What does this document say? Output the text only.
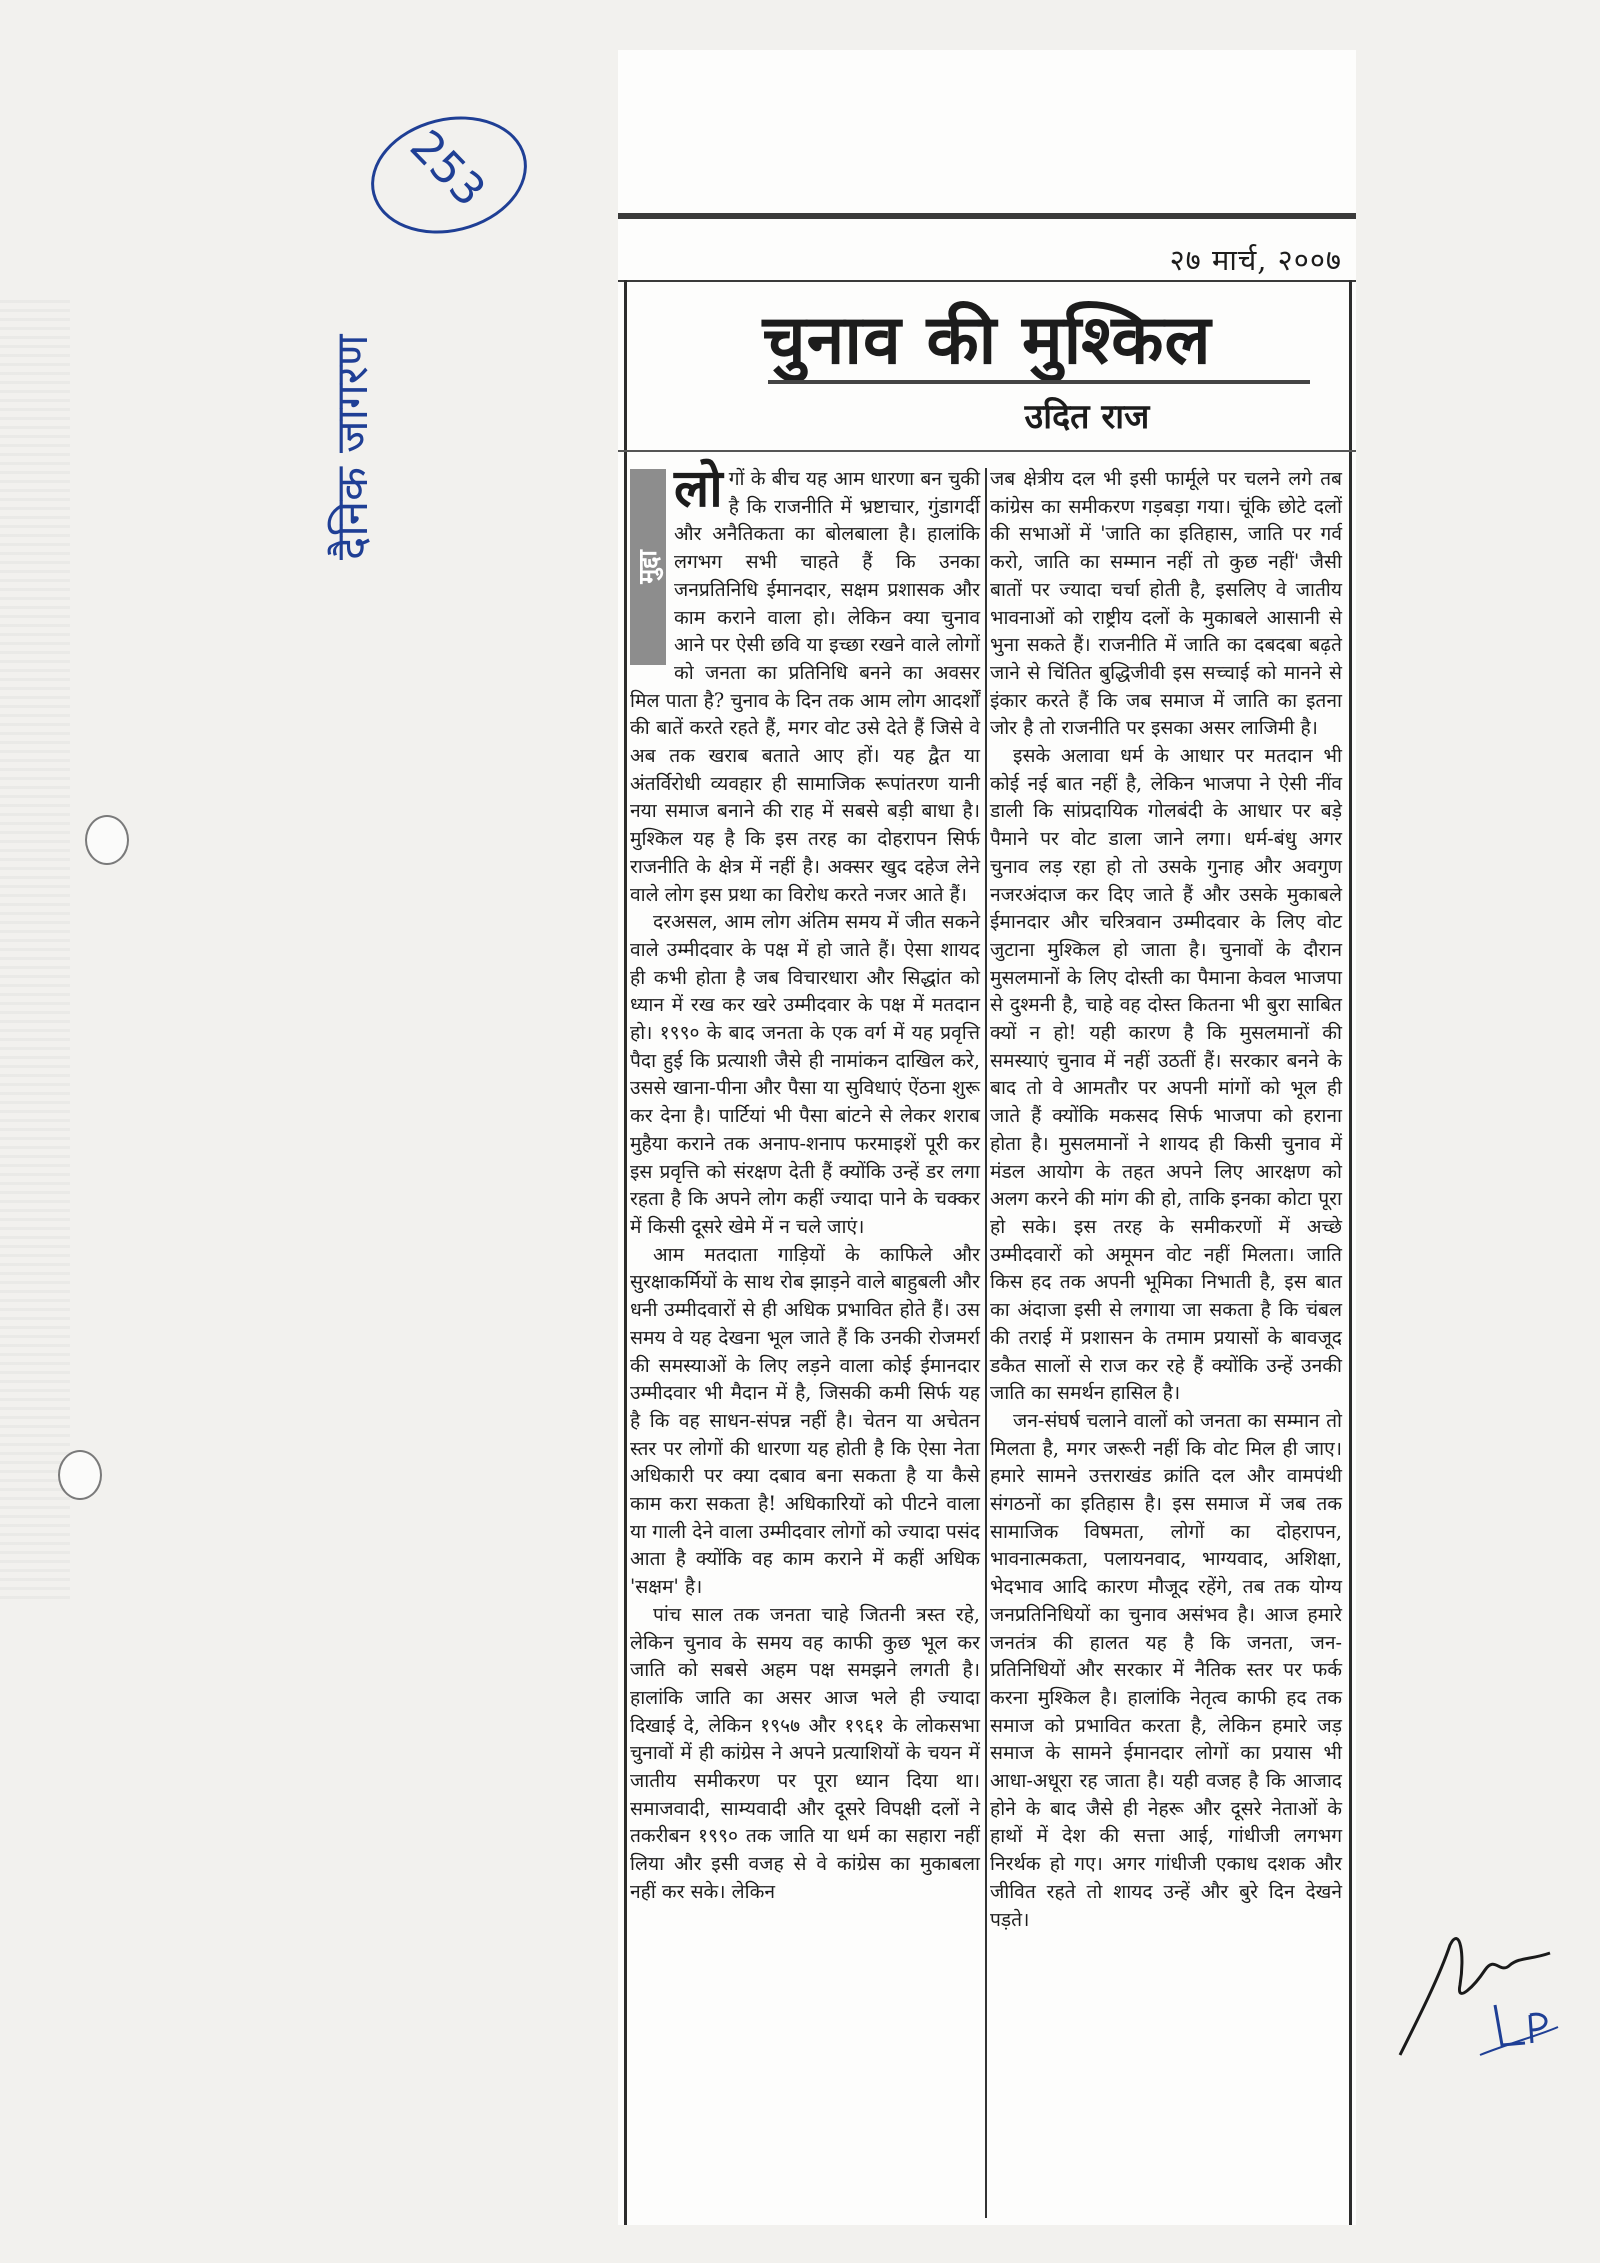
253
दैनिक जागरण
२७ मार्च, २००७
चुनाव की मुश्किल
उदित राज
मुद्दा
लो गों के बीच यह आम धारणा बन चुकी है कि राजनीति में भ्रष्टाचार, गुंडागर्दी और अनैतिकता का बोलबाला है। हालांकि लगभग सभी चाहते हैं कि उनका जनप्रतिनिधि ईमानदार, सक्षम प्रशासक और काम कराने वाला हो। लेकिन क्या चुनाव आने पर ऐसी छवि या इच्छा रखने वाले लोगों को जनता का प्रतिनिधि बनने का अवसर मिल पाता है? चुनाव के दिन तक आम लोग आदर्शों की बातें करते रहते हैं, मगर वोट उसे देते हैं जिसे वे अब तक खराब बताते आए हों। यह द्वैत या अंतर्विरोधी व्यवहार ही सामाजिक रूपांतरण यानी नया समाज बनाने की राह में सबसे बड़ी बाधा है। मुश्किल यह है कि इस तरह का दोहरापन सिर्फ राजनीति के क्षेत्र में नहीं है। अक्सर खुद दहेज लेने वाले लोग इस प्रथा का विरोध करते नजर आते हैं।

दरअसल, आम लोग अंतिम समय में जीत सकने वाले उम्मीदवार के पक्ष में हो जाते हैं। ऐसा शायद ही कभी होता है जब विचारधारा और सिद्धांत को ध्यान में रख कर खरे उम्मीदवार के पक्ष में मतदान हो। १९९० के बाद जनता के एक वर्ग में यह प्रवृत्ति पैदा हुई कि प्रत्याशी जैसे ही नामांकन दाखिल करे, उससे खाना-पीना और पैसा या सुविधाएं ऐंठना शुरू कर देना है। पार्टियां भी पैसा बांटने से लेकर शराब मुहैया कराने तक अनाप-शनाप फरमाइशें पूरी कर इस प्रवृत्ति को संरक्षण देती हैं क्योंकि उन्हें डर लगा रहता है कि अपने लोग कहीं ज्यादा पाने के चक्कर में किसी दूसरे खेमे में न चले जाएं।

आम मतदाता गाड़ियों के काफिले और सुरक्षाकर्मियों के साथ रोब झाड़ने वाले बाहुबली और धनी उम्मीदवारों से ही अधिक प्रभावित होते हैं। उस समय वे यह देखना भूल जाते हैं कि उनकी रोजमर्रा की समस्याओं के लिए लड़ने वाला कोई ईमानदार उम्मीदवार भी मैदान में है, जिसकी कमी सिर्फ यह है कि वह साधन-संपन्न नहीं है। चेतन या अचेतन स्तर पर लोगों की धारणा यह होती है कि ऐसा नेता अधिकारी पर क्या दबाव बना सकता है या कैसे काम करा सकता है! अधिकारियों को पीटने वाला या गाली देने वाला उम्मीदवार लोगों को ज्यादा पसंद आता है क्योंकि वह काम कराने में कहीं अधिक 'सक्षम' है।

पांच साल तक जनता चाहे जितनी त्रस्त रहे, लेकिन चुनाव के समय वह काफी कुछ भूल कर जाति को सबसे अहम पक्ष समझने लगती है। हालांकि जाति का असर आज भले ही ज्यादा दिखाई दे, लेकिन १९५७ और १९६१ के लोकसभा चुनावों में ही कांग्रेस ने अपने प्रत्याशियों के चयन में जातीय समीकरण पर पूरा ध्यान दिया था। समाजवादी, साम्यवादी और दूसरे विपक्षी दलों ने तकरीबन १९९० तक जाति या धर्म का सहारा नहीं लिया और इसी वजह से वे कांग्रेस का मुकाबला नहीं कर सके। लेकिन

जब क्षेत्रीय दल भी इसी फार्मूले पर चलने लगे तब कांग्रेस का समीकरण गड़बड़ा गया। चूंकि छोटे दलों की सभाओं में 'जाति का इतिहास, जाति पर गर्व करो, जाति का सम्मान नहीं तो कुछ नहीं' जैसी बातों पर ज्यादा चर्चा होती है, इसलिए वे जातीय भावनाओं को राष्ट्रीय दलों के मुकाबले आसानी से भुना सकते हैं। राजनीति में जाति का दबदबा बढ़ते जाने से चिंतित बुद्धिजीवी इस सच्चाई को मानने से इंकार करते हैं कि जब समाज में जाति का इतना जोर है तो राजनीति पर इसका असर लाजिमी है।

इसके अलावा धर्म के आधार पर मतदान भी कोई नई बात नहीं है, लेकिन भाजपा ने ऐसी नींव डाली कि सांप्रदायिक गोलबंदी के आधार पर बड़े पैमाने पर वोट डाला जाने लगा। धर्म-बंधु अगर चुनाव लड़ रहा हो तो उसके गुनाह और अवगुण नजरअंदाज कर दिए जाते हैं और उसके मुकाबले ईमानदार और चरित्रवान उम्मीदवार के लिए वोट जुटाना मुश्किल हो जाता है। चुनावों के दौरान मुसलमानों के लिए दोस्ती का पैमाना केवल भाजपा से दुश्मनी है, चाहे वह दोस्त कितना भी बुरा साबित क्यों न हो! यही कारण है कि मुसलमानों की समस्याएं चुनाव में नहीं उठतीं हैं। सरकार बनने के बाद तो वे आमतौर पर अपनी मांगों को भूल ही जाते हैं क्योंकि मकसद सिर्फ भाजपा को हराना होता है। मुसलमानों ने शायद ही किसी चुनाव में मंडल आयोग के तहत अपने लिए आरक्षण को अलग करने की मांग की हो, ताकि इनका कोटा पूरा हो सके। इस तरह के समीकरणों में अच्छे उम्मीदवारों को अमूमन वोट नहीं मिलता। जाति किस हद तक अपनी भूमिका निभाती है, इस बात का अंदाजा इसी से लगाया जा सकता है कि चंबल की तराई में प्रशासन के तमाम प्रयासों के बावजूद डकैत सालों से राज कर रहे हैं क्योंकि उन्हें उनकी जाति का समर्थन हासिल है।

जन-संघर्ष चलाने वालों को जनता का सम्मान तो मिलता है, मगर जरूरी नहीं कि वोट मिल ही जाए। हमारे सामने उत्तराखंड क्रांति दल और वामपंथी संगठनों का इतिहास है। इस समाज में जब तक सामाजिक विषमता, लोगों का दोहरापन, भावनात्मकता, पलायनवाद, भाग्यवाद, अशिक्षा, भेदभाव आदि कारण मौजूद रहेंगे, तब तक योग्य जनप्रतिनिधियों का चुनाव असंभव है। आज हमारे जनतंत्र की हालत यह है कि जनता, जन-प्रतिनिधियों और सरकार में नैतिक स्तर पर फर्क करना मुश्किल है। हालांकि नेतृत्व काफी हद तक समाज को प्रभावित करता है, लेकिन हमारे जड़ समाज के सामने ईमानदार लोगों का प्रयास भी आधा-अधूरा रह जाता है। यही वजह है कि आजाद होने के बाद जैसे ही नेहरू और दूसरे नेताओं के हाथों में देश की सत्ता आई, गांधीजी लगभग निरर्थक हो गए। अगर गांधीजी एकाध दशक और जीवित रहते तो शायद उन्हें और बुरे दिन देखने पड़ते।
